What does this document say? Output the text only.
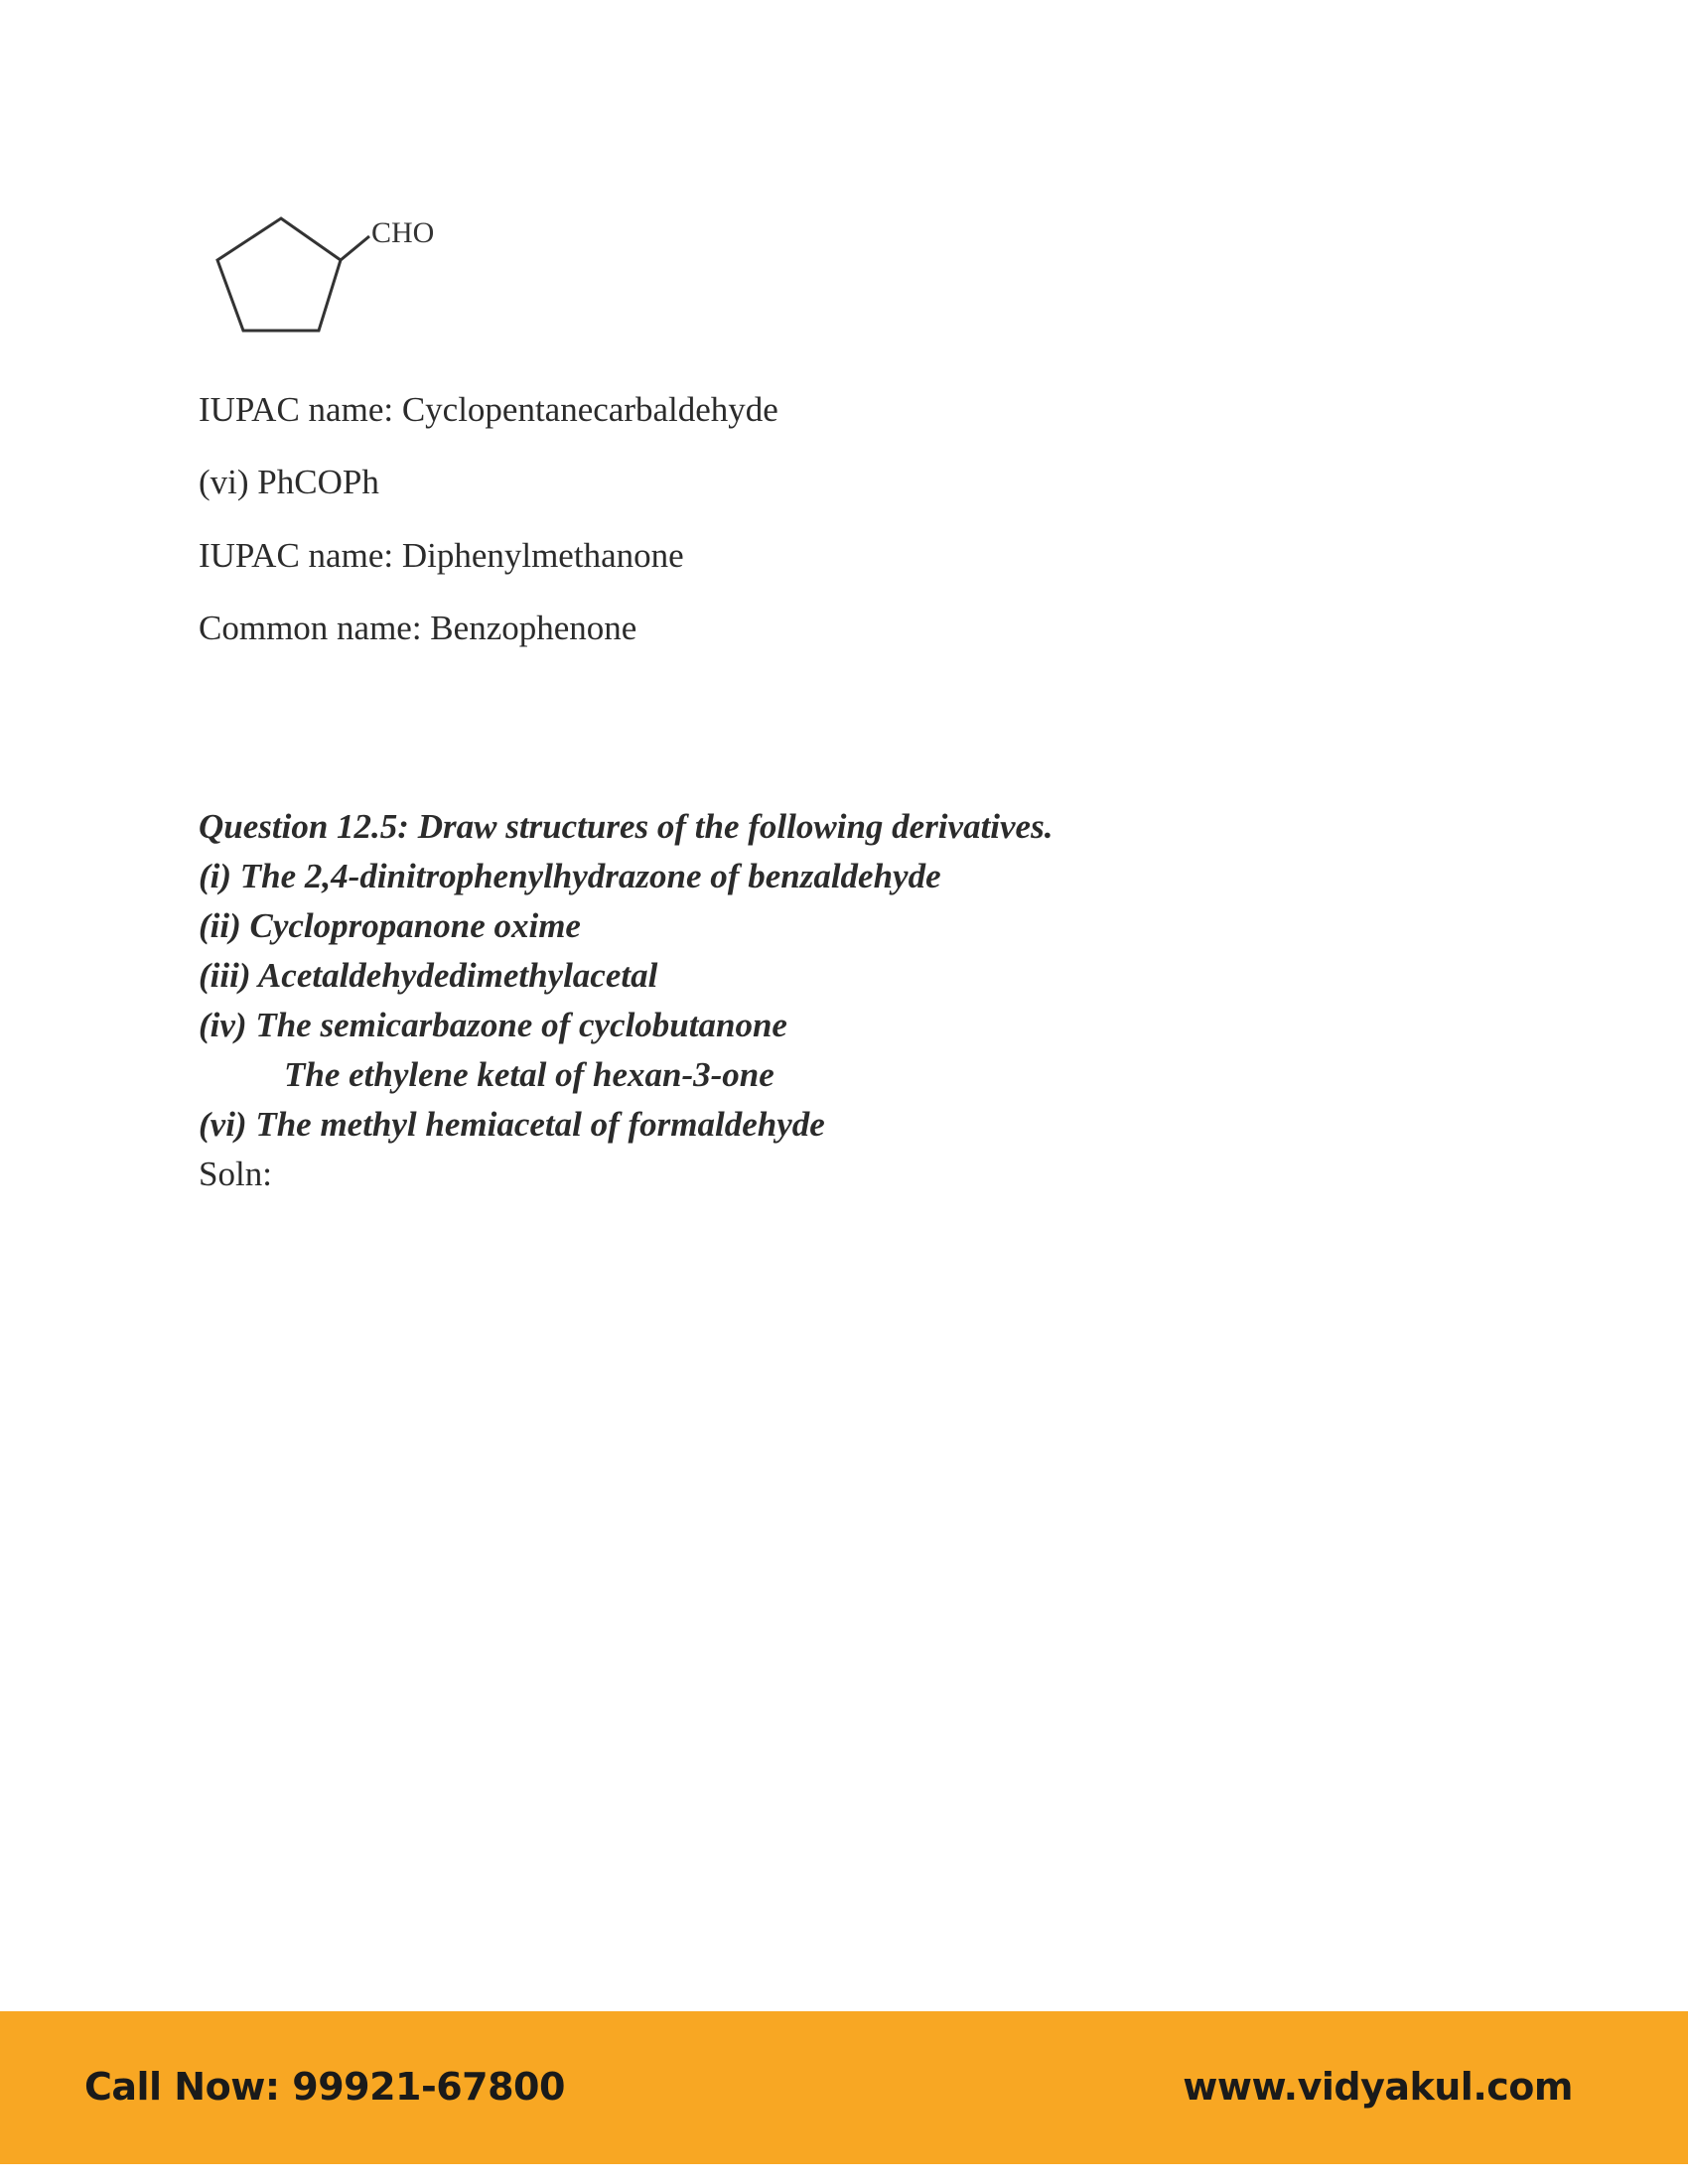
CHO
IUPAC name: Cyclopentanecarbaldehyde
(vi) PhCOPh
IUPAC name: Diphenylmethanone
Common name: Benzophenone
Question 12.5: Draw structures of the following derivatives.
(i) The 2,4-dinitrophenylhydrazone of benzaldehyde
(ii) Cyclopropanone oxime
(iii) Acetaldehydedimethylacetal
(iv) The semicarbazone of cyclobutanone
The ethylene ketal of hexan-3-one
(vi) The methyl hemiacetal of formaldehyde
Soln:
Call Now: 99921-67800	www.vidyakul.com
